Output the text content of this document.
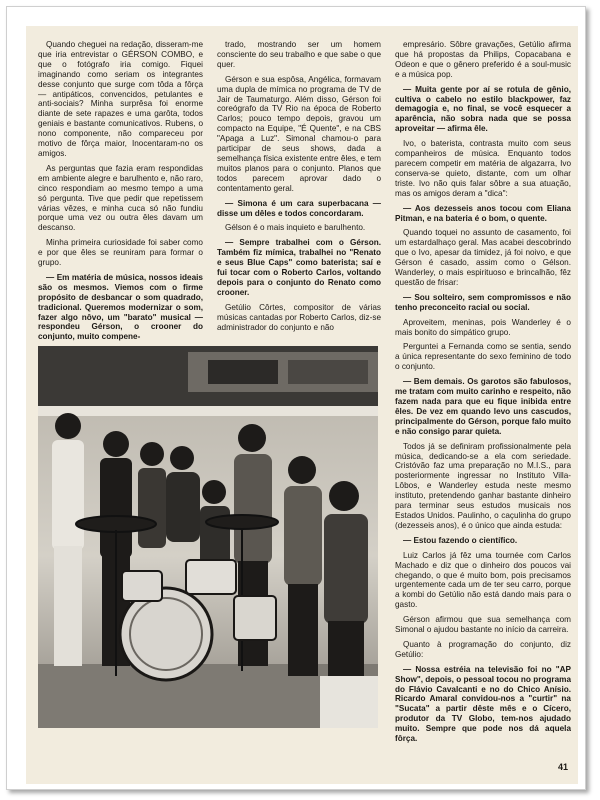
Quando cheguei na redação, disseram-me que iria entrevistar o GÉRSON COMBO, e que o fotógrafo iria comigo. Fiquei imaginando como seriam os integrantes desse conjunto que surge com tôda a fôrça — antipáticos, convencidos, petulantes e anti-sociais? Minha surprêsa foi enorme diante de sete rapazes e uma garôta, todos geniais e bastante comunicativos. Rubens, o nono componente, não compareceu por motivo de fôrça maior, Inocentaram-no os amigos.

As perguntas que fazia eram respondidas em ambiente alegre e barulhento e, não raro, cinco respondiam ao mesmo tempo a uma só pergunta. Tive que pedir que repetissem várias vêzes, e minha cuca só não fundiu porque uma vez ou outra êles davam um descanso.

Minha primeira curiosidade foi saber como e por que êles se reuniram para formar o grupo.

— Em matéria de música, nossos ideais são os mesmos. Viemos com o firme propósito de desbancar o som quadrado, tradicional. Queremos modernizar o som, fazer algo nôvo, um "barato" musical — respondeu Gérson, o crooner do conjunto, muito compene-

trado, mostrando ser um homem consciente do seu trabalho e que sabe o que quer.

Gérson e sua espôsa, Angélica, formavam uma dupla de mímica no programa de TV de Jair de Taumaturgo. Além disso, Gérson foi coreógrafo da TV Rio na época de Roberto Carlos; pouco tempo depois, gravou um compacto na Equipe, "É Quente", e na CBS "Apaga a Luz". Simonal chamou-o para participar de seus shows, dada a semelhança física existente entre êles, e tem muitos planos para o conjunto. Planos que todos parecem aprovar dado o contentamento geral.

— Simona é um cara superbacana — disse um dêles e todos concordaram.

Gélson é o mais inquieto e barulhento.

— Sempre trabalhei com o Gérson. Também fiz mímica, trabalhei no "Renato e seus Blue Caps" como baterista; saí e fui tocar com o Roberto Carlos, voltando depois para o conjunto do Renato como crooner.

Getúlio Côrtes, compositor de várias músicas cantadas por Roberto Carlos, diz-se administrador do conjunto e não

empresário. Sôbre gravações, Getúlio afirma que há propostas da Philips, Copacabana e Odeon e que o gênero preferido é a soul-music e a música pop.

— Muita gente por aí se rotula de gênio, cultiva o cabelo no estilo blackpower, faz demagogia e, no final, se você esquecer a aparência, não sobra nada que se possa aproveitar — afirma êle.

Ivo, o baterista, contrasta muito com seus companheiros de música. Enquanto todos parecem competir em matéria de algazarra, Ivo conserva-se quieto, distante, com um olhar triste. Ivo não quis falar sôbre a sua atuação, mas os amigos deram a "dica":

— Aos dezesseis anos tocou com Eliana Pitman, e na bateria é o bom, o quente.

Quando toquei no assunto de casamento, foi um estardalhaço geral. Mas acabei descobrindo que o Ivo, apesar da timidez, já foi noivo, e que Gérson é casado, assim como o Gélson. Wanderley, o mais espirituoso e brincalhão, fêz questão de frisar:

— Sou solteiro, sem compromissos e não tenho preconceito racial ou social.

Aproveitem, meninas, pois Wanderley é o mais bonito do simpático grupo.

Perguntei a Fernanda como se sentia, sendo a única representante do sexo feminino de todo o conjunto.

— Bem demais. Os garotos são fabulosos, me tratam com muito carinho e respeito, não fazem nada para que eu fique inibida entre êles. De vez em quando levo uns cascudos, principalmente do Gérson, porque falo muito e não consigo parar quieta.

Todos já se definiram profissionalmente pela música, dedicando-se a ela com seriedade. Cristóvão faz uma preparação no M.I.S., para posteriormente ingressar no Instituto Villa-Lôbos, e Wanderley estuda neste mesmo instituto, pretendendo ganhar bastante dinheiro para terminar seus estudos musicais nos Estados Unidos. Paulinho, o caçulinha do grupo (dezesseis anos), é o único que ainda estuda:

— Estou fazendo o científico.

Luiz Carlos já fêz uma tournée com Carlos Machado e diz que o dinheiro dos poucos vai chegando, o que é muito bom, pois precisamos urgentemente cada um de ter seu carro, porque a kombi do Getúlio não está dando mais para o gasto.

Gérson afirmou que sua semelhança com Simonal o ajudou bastante no início da carreira.

Quanto à programação do conjunto, diz Getúlio:

— Nossa estréia na televisão foi no "AP Show", depois, o pessoal tocou no programa do Flávio Cavalcanti e no do Chico Anísio. Ricardo Amaral convidou-nos a "curtir" na "Sucata" a partir dêste mês e o Cícero, produtor da TV Globo, tem-nos ajudado muito. Sempre que pode nos dá aquela fôrça.

41
